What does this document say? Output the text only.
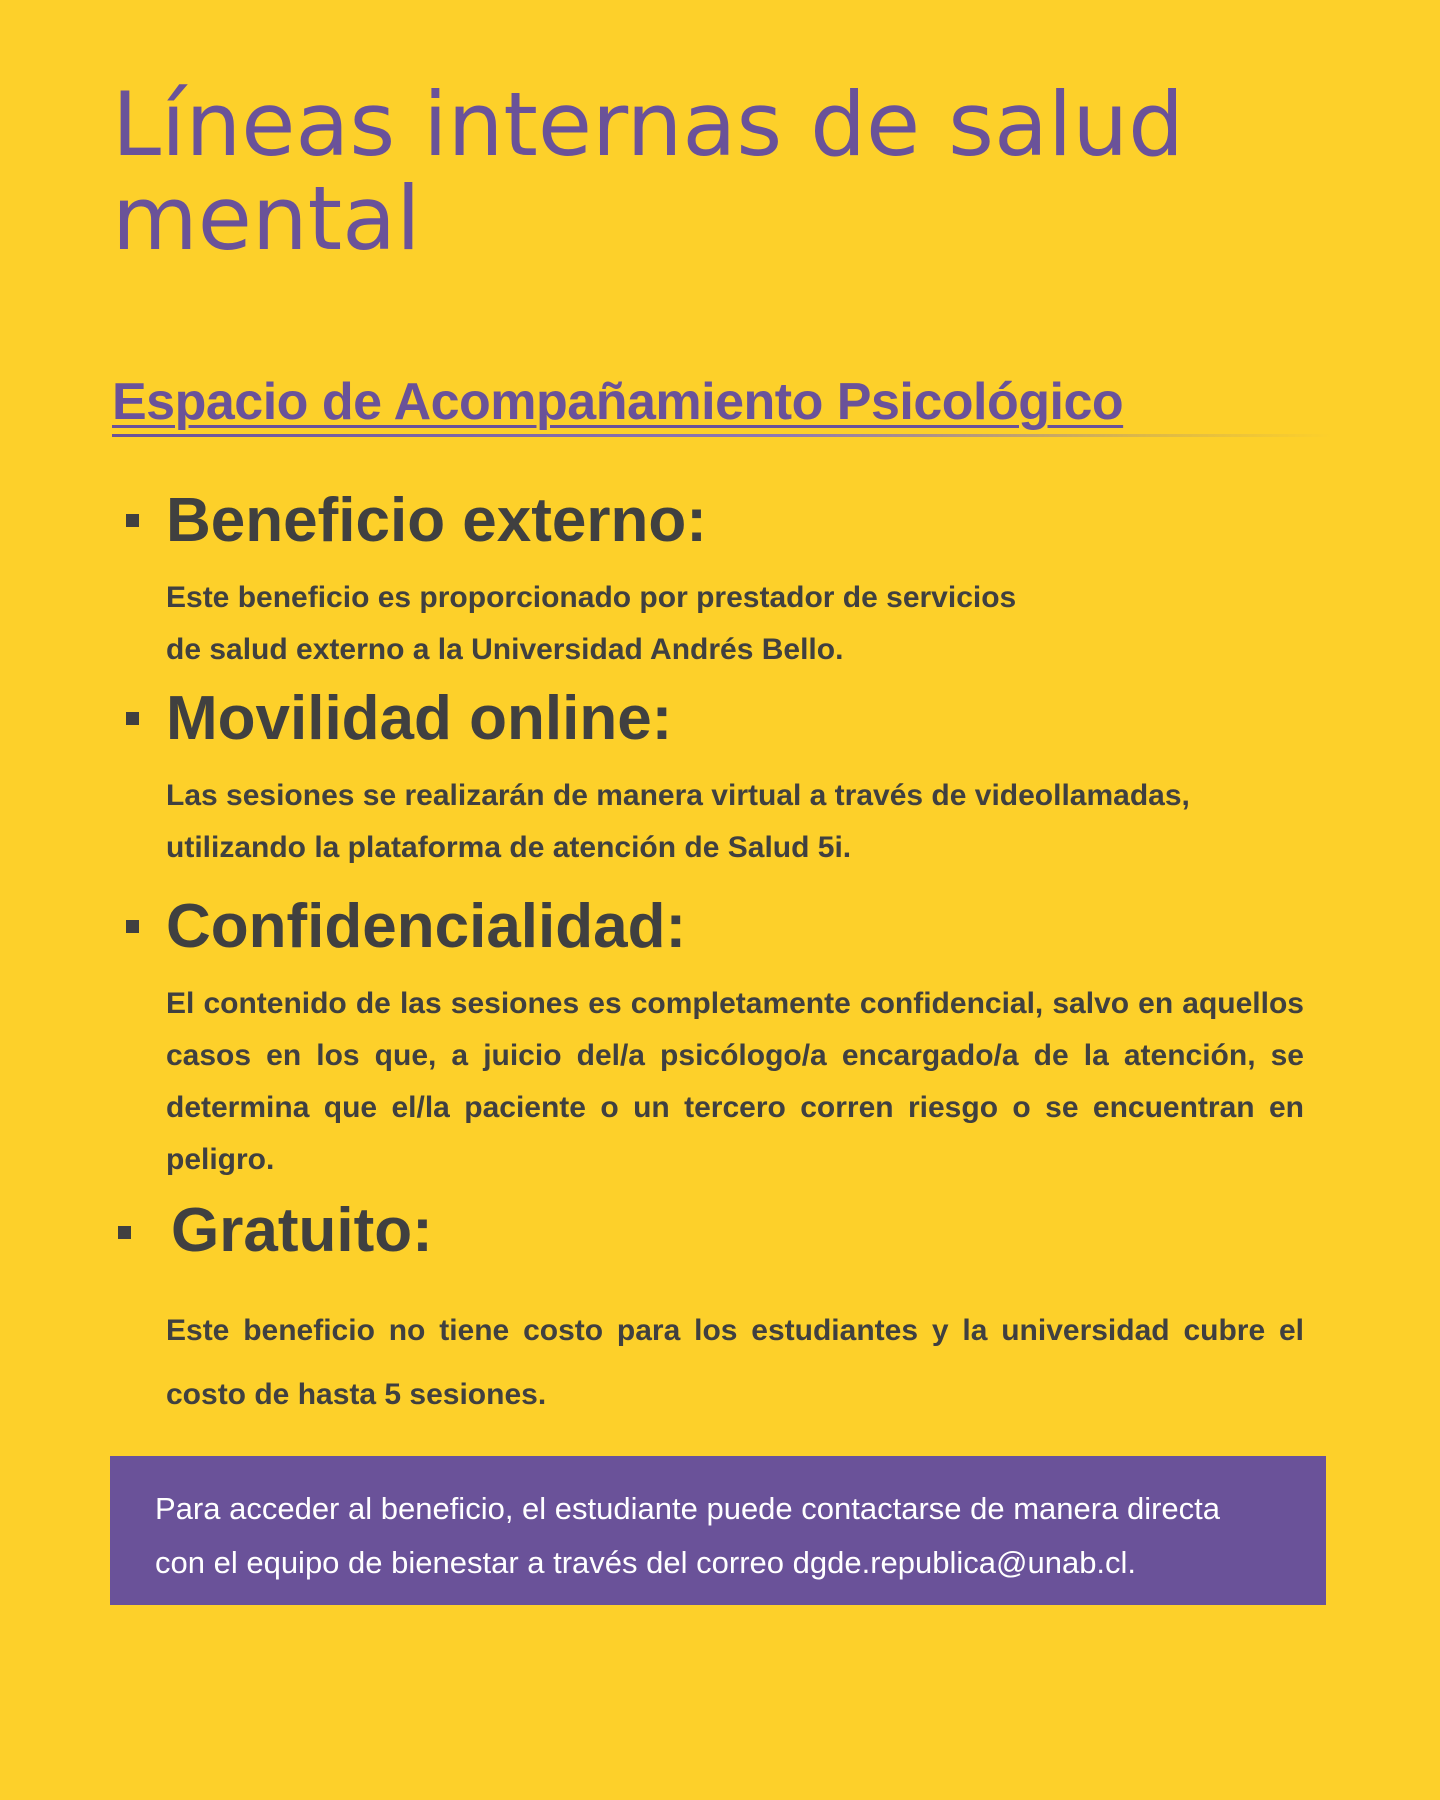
Líneas internas de salud mental
Espacio de Acompañamiento Psicológico
Beneficio externo:

Este beneficio es proporcionado por prestador de servicios

de salud externo a la Universidad Andrés Bello.

Movilidad online:

Las sesiones se realizarán de manera virtual a través de videollamadas,

utilizando la plataforma de atención de Salud 5i.

Confidencialidad:

El contenido de las sesiones es completamente confidencial, salvo en aquellos casos en los que, a juicio del/a psicólogo/a encargado/a de la atención, se determina que el/la paciente o un tercero corren riesgo o se encuentran en peligro.

Gratuito:

Este beneficio no tiene costo para los estudiantes y la universidad cubre el costo de hasta 5 sesiones.

Para acceder al beneficio, el estudiante puede contactarse de manera directa

con el equipo de bienestar a través del correo dgde.republica@unab.cl.
